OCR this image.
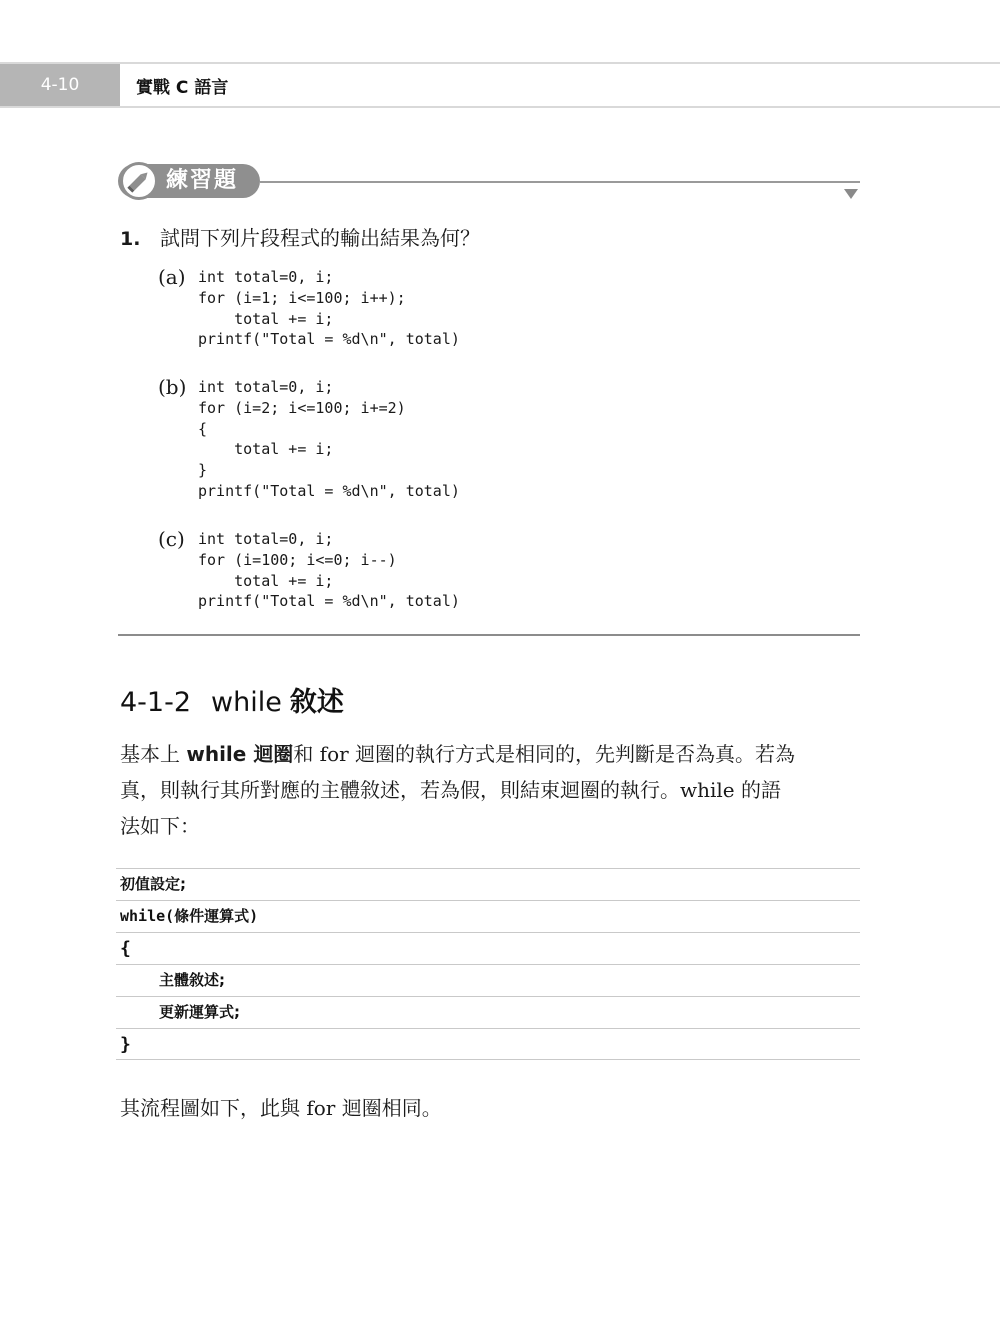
4-10	實戰 C 語言
練習題
1. 試問下列片段程式的輸出結果為何？
(a) int total=0, i;
for (i=1; i<=100; i++);
total += i;
printf("Total = %d\n", total)
(b) int total=0, i;
for (i=2; i<=100; i+=2)
{
total += i;
}
printf("Total = %d\n", total)
(c) int total=0, i;
for (i=100; i<=0; i--)
total += i;
printf("Total = %d\n", total)
4-1-2 while 敘述
基本上 while 迴圈和 for 迴圈的執行方式是相同的，先判斷是否為真。若為
真，則執行其所對應的主體敘述，若為假，則結束迴圈的執行。while 的語
法如下：
初值設定;
while(條件運算式)
{
主體敘述;
更新運算式;
}
其流程圖如下，此與 for 迴圈相同。
